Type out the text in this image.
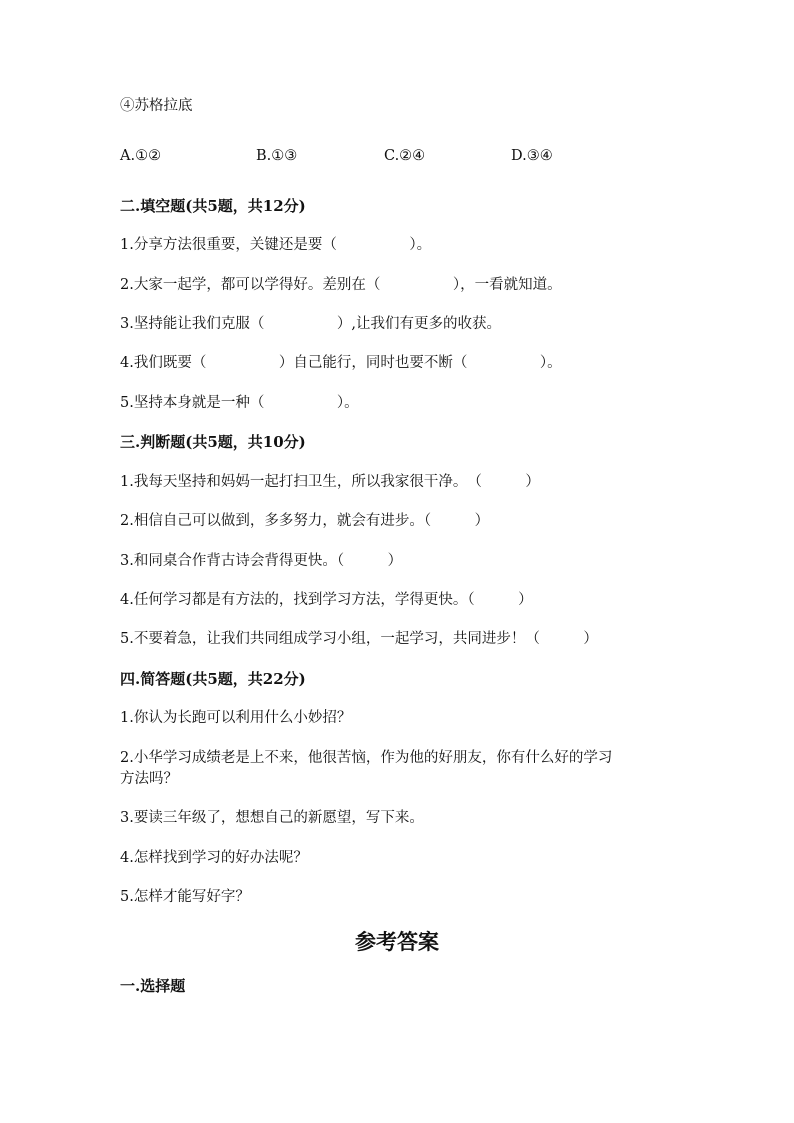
④苏格拉底
A.①②	B.①③	C.②④	D.③④
二.填空题(共5题，共12分)
1.分享方法很重要，关键还是要（　　　　　）。
2.大家一起学，都可以学得好。差别在（　　　　　），一看就知道。
3.坚持能让我们克服（　　　　　）,让我们有更多的收获。
4.我们既要（　　　　　）自己能行，同时也要不断（　　　　　）。
5.坚持本身就是一种（　　　　　）。
三.判断题(共5题，共10分)
1.我每天坚持和妈妈一起打扫卫生，所以我家很干净。　（　　　）
2.相信自己可以做到，多多努力，就会有进步。（　　　）
3.和同桌合作背古诗会背得更快。（　　　）
4.任何学习都是有方法的，找到学习方法，学得更快。（　　　）
5.不要着急，让我们共同组成学习小组，一起学习，共同进步！（　　　）
四.简答题(共5题，共22分)
1.你认为长跑可以利用什么小妙招？
2.小华学习成绩老是上不来，他很苦恼，作为他的好朋友，你有什么好的学习
方法吗？
3.要读三年级了，想想自己的新愿望，写下来。
4.怎样找到学习的好办法呢？
5.怎样才能写好字？
参考答案
一.选择题
